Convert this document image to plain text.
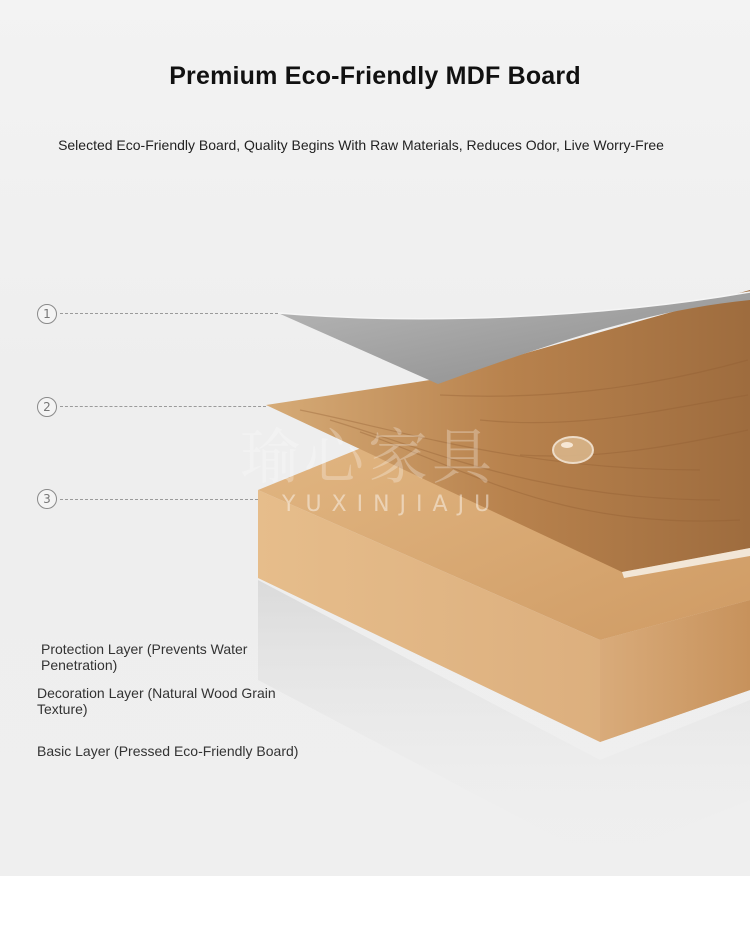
Premium Eco-Friendly MDF Board
Selected Eco-Friendly Board, Quality Begins With Raw Materials, Reduces Odor, Live Worry-Free
瑜心家具
YUXINJIAJU
1
2
3
Protection Layer (Prevents Water Penetration)
Decoration Layer (Natural Wood Grain Texture)
Basic Layer (Pressed Eco-Friendly Board)
